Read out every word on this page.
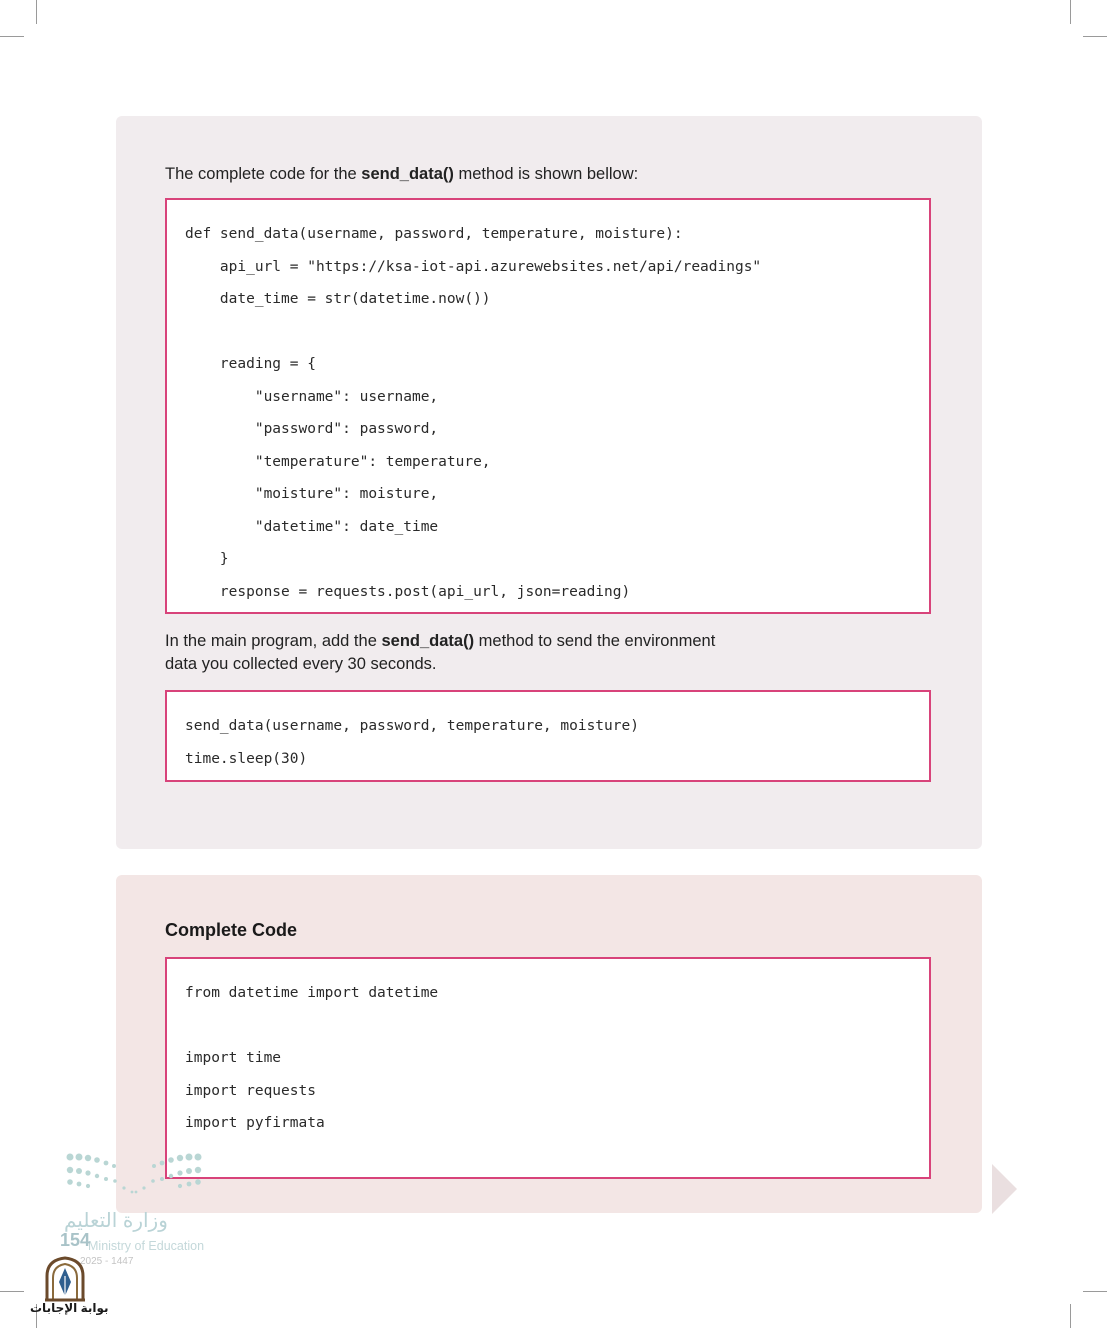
The complete code for the send_data() method is shown bellow:
def send_data(username, password, temperature, moisture):
api_url = "https://ksa-iot-api.azurewebsites.net/api/readings"
date_time = str(datetime.now())

reading = {
"username": username,
"password": password,
"temperature": temperature,
"moisture": moisture,
"datetime": date_time
}
response = requests.post(api_url, json=reading)
In the main program, add the send_data() method to send the environment
data you collected every 30 seconds.
send_data(username, password, temperature, moisture)
time.sleep(30)
Complete Code
from datetime import datetime

import time
import requests
import pyfirmata
وزارة التعليم
Ministry of Education
154
2025 - 1447
بوابة الإجابات
